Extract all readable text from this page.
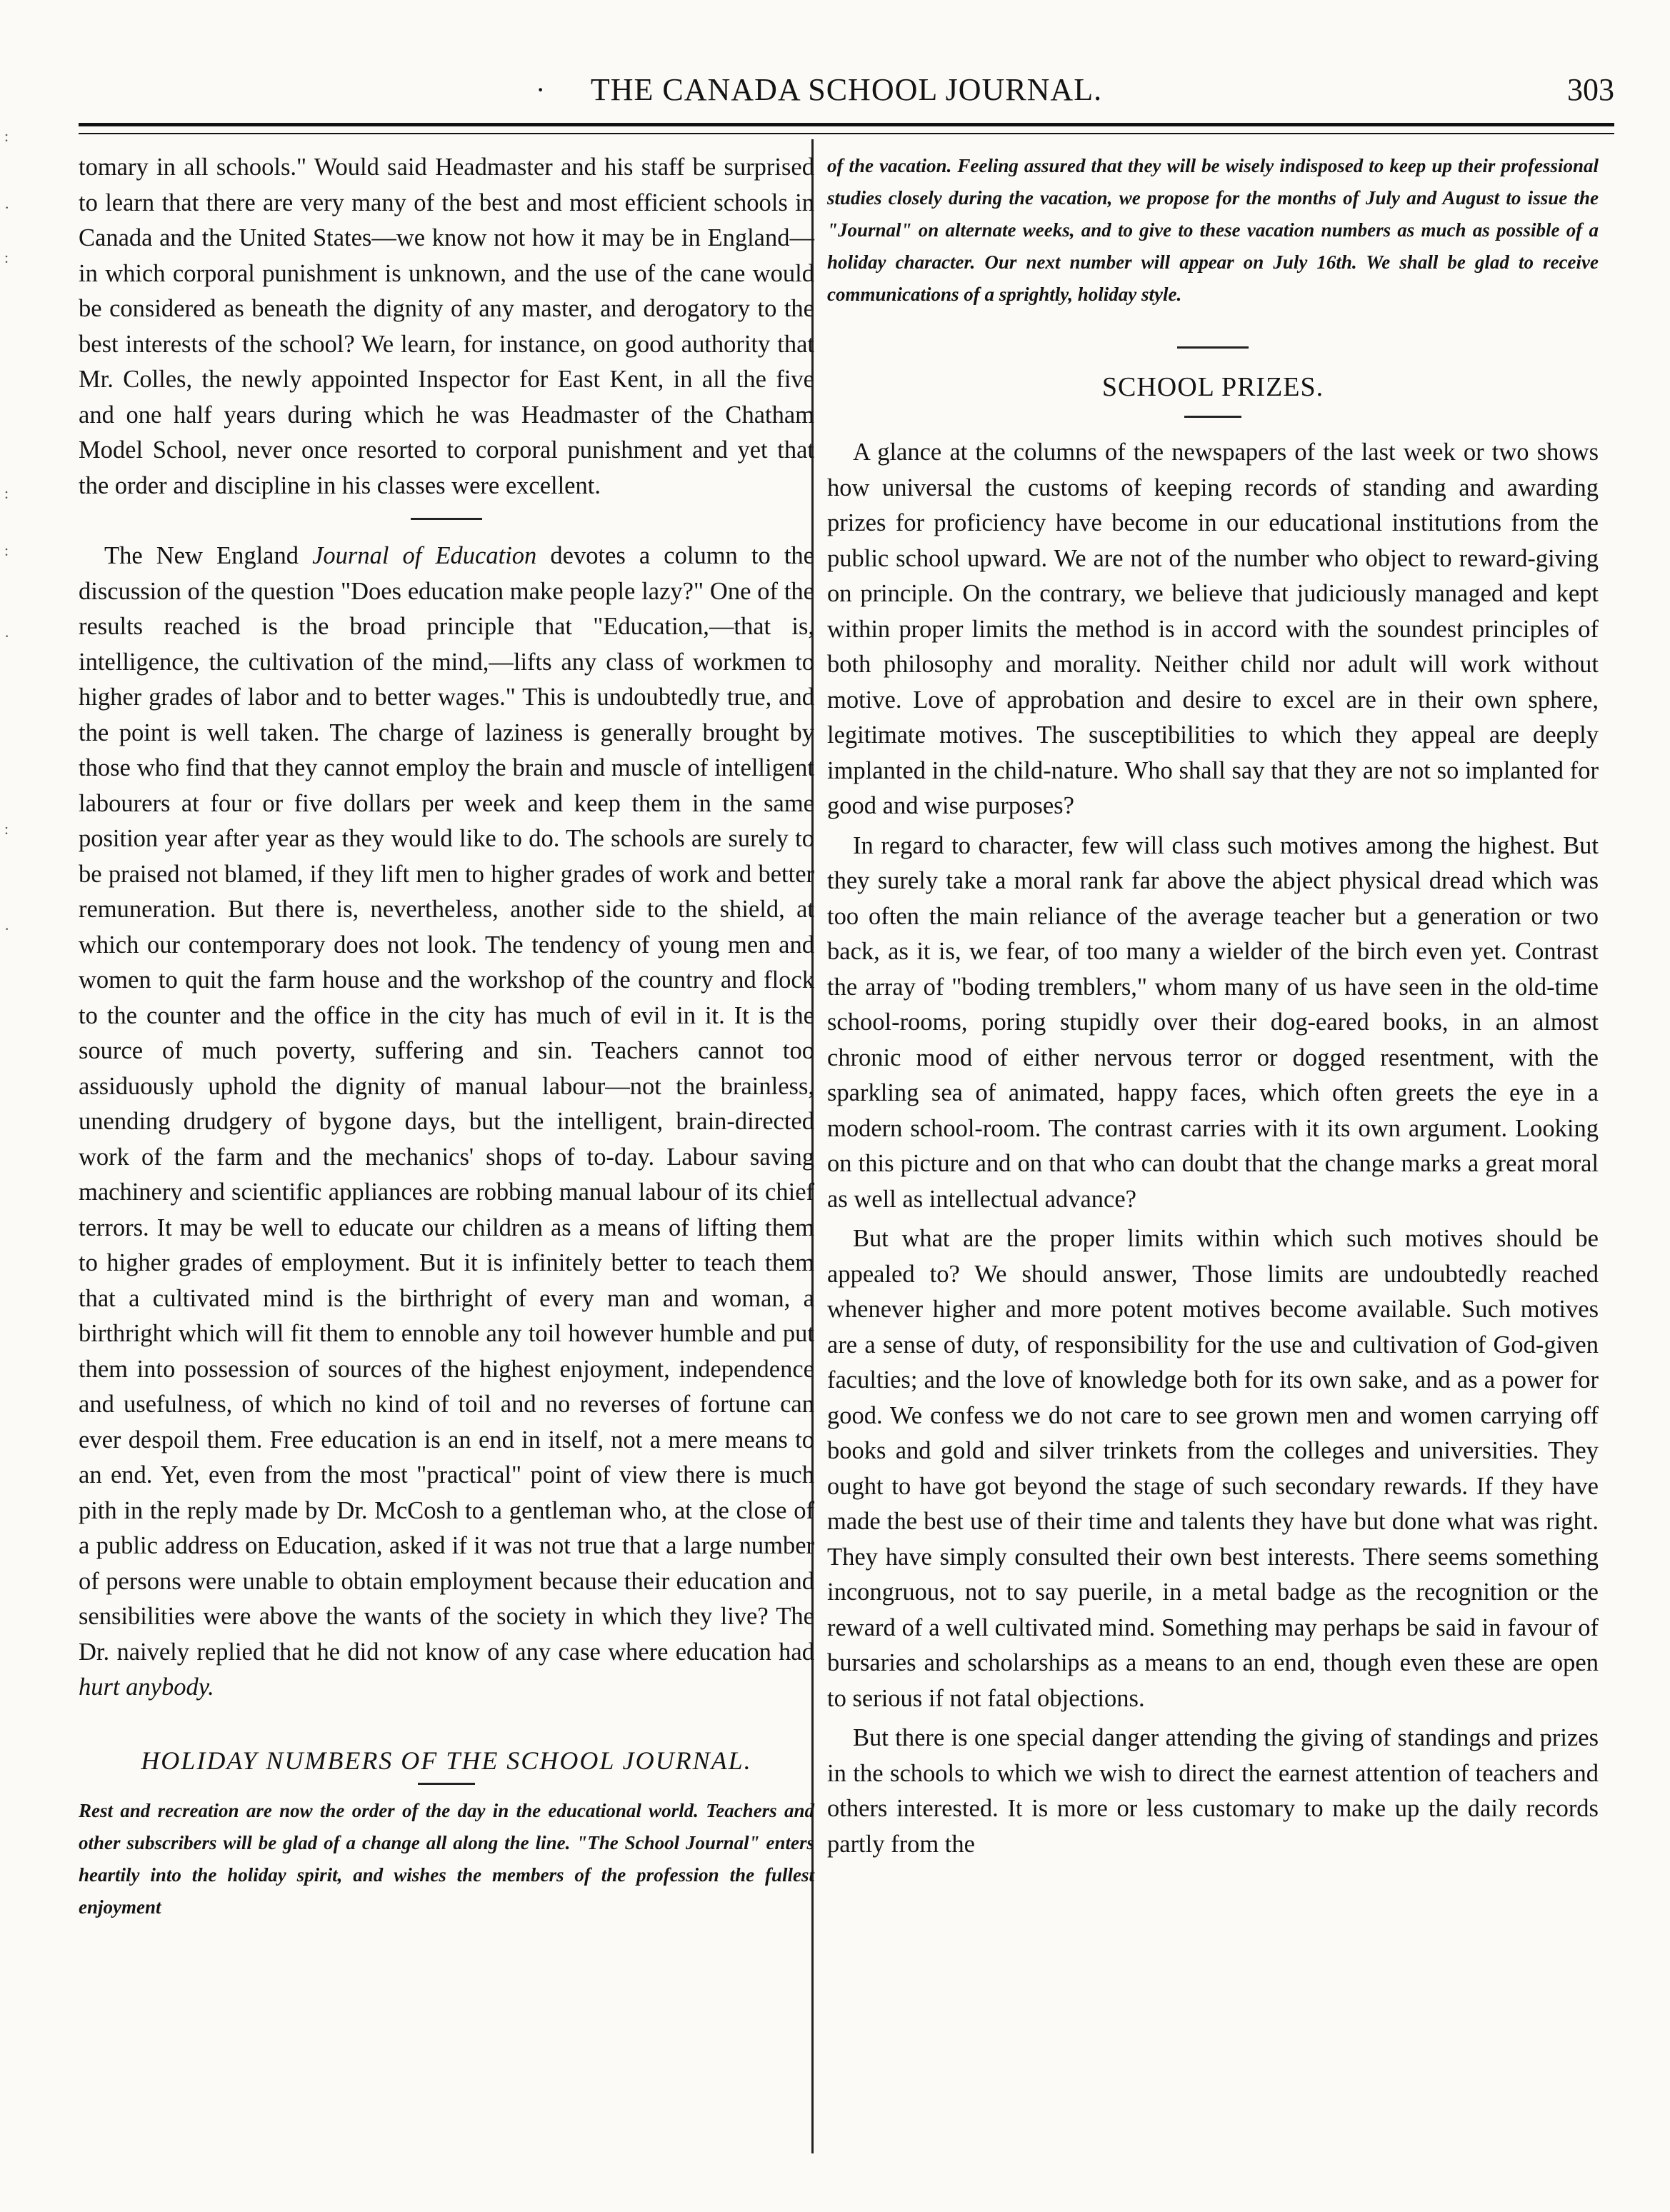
:
·
:
:
:
·
:
·
·	THE CANADA SCHOOL JOURNAL.	303

tomary in all schools." Would said Headmaster and his staff be surprised to learn that there are very many of the best and most efficient schools in Canada and the United States—we know not how it may be in England—in which corporal punishment is unknown, and the use of the cane would be considered as beneath the dignity of any master, and derogatory to the best interests of the school? We learn, for instance, on good authority that Mr. Colles, the newly appointed Inspector for East Kent, in all the five and one half years during which he was Headmaster of the Chatham Model School, never once resorted to corporal punishment and yet that the order and discipline in his classes were excellent.

The New England Journal of Education devotes a column to the discussion of the question "Does education make people lazy?" One of the results reached is the broad principle that "Education,—that is, intelligence, the cultivation of the mind,—lifts any class of workmen to higher grades of labor and to better wages." This is undoubtedly true, and the point is well taken. The charge of laziness is generally brought by those who find that they cannot employ the brain and muscle of intelligent labourers at four or five dollars per week and keep them in the same position year after year as they would like to do. The schools are surely to be praised not blamed, if they lift men to higher grades of work and better remuneration. But there is, nevertheless, another side to the shield, at which our contemporary does not look. The tendency of young men and women to quit the farm house and the workshop of the country and flock to the counter and the office in the city has much of evil in it. It is the source of much poverty, suffering and sin. Teachers cannot too assiduously uphold the dignity of manual labour—not the brainless, unending drudgery of bygone days, but the intelligent, brain-directed work of the farm and the mechanics' shops of to-day. Labour saving machinery and scientific appliances are robbing manual labour of its chief terrors. It may be well to educate our children as a means of lifting them to higher grades of employment. But it is infinitely better to teach them that a cultivated mind is the birthright of every man and woman, a birthright which will fit them to ennoble any toil however humble and put them into possession of sources of the highest enjoyment, independence and usefulness, of which no kind of toil and no reverses of fortune can ever despoil them. Free education is an end in itself, not a mere means to an end. Yet, even from the most "practical" point of view there is much pith in the reply made by Dr. McCosh to a gentleman who, at the close of a public address on Education, asked if it was not true that a large number of persons were unable to obtain employment because their education and sensibilities were above the wants of the society in which they live? The Dr. naively replied that he did not know of any case where education had hurt anybody.

HOLIDAY NUMBERS OF THE SCHOOL JOURNAL.

Rest and recreation are now the order of the day in the educational world. Teachers and other subscribers will be glad of a change all along the line. "The School Journal" enters heartily into the holiday spirit, and wishes the members of the profession the fullest enjoyment

of the vacation. Feeling assured that they will be wisely indisposed to keep up their professional studies closely during the vacation, we propose for the months of July and August to issue the "Journal" on alternate weeks, and to give to these vacation numbers as much as possible of a holiday character. Our next number will appear on July 16th. We shall be glad to receive communications of a sprightly, holiday style.

SCHOOL PRIZES.

A glance at the columns of the newspapers of the last week or two shows how universal the customs of keeping records of standing and awarding prizes for proficiency have become in our educational institutions from the public school upward. We are not of the number who object to reward-giving on principle. On the contrary, we believe that judiciously managed and kept within proper limits the method is in accord with the soundest principles of both philosophy and morality. Neither child nor adult will work without motive. Love of approbation and desire to excel are in their own sphere, legitimate motives. The susceptibilities to which they appeal are deeply implanted in the child-nature. Who shall say that they are not so implanted for good and wise purposes?

In regard to character, few will class such motives among the highest. But they surely take a moral rank far above the abject physical dread which was too often the main reliance of the average teacher but a generation or two back, as it is, we fear, of too many a wielder of the birch even yet. Contrast the array of "boding tremblers," whom many of us have seen in the old-time school-rooms, poring stupidly over their dog-eared books, in an almost chronic mood of either nervous terror or dogged resentment, with the sparkling sea of animated, happy faces, which often greets the eye in a modern school-room. The contrast carries with it its own argument. Looking on this picture and on that who can doubt that the change marks a great moral as well as intellectual advance?

But what are the proper limits within which such motives should be appealed to? We should answer, Those limits are undoubtedly reached whenever higher and more potent motives become available. Such motives are a sense of duty, of responsibility for the use and cultivation of God-given faculties; and the love of knowledge both for its own sake, and as a power for good. We confess we do not care to see grown men and women carrying off books and gold and silver trinkets from the colleges and universities. They ought to have got beyond the stage of such secondary rewards. If they have made the best use of their time and talents they have but done what was right. They have simply consulted their own best interests. There seems something incongruous, not to say puerile, in a metal badge as the recognition or the reward of a well cultivated mind. Something may perhaps be said in favour of bursaries and scholarships as a means to an end, though even these are open to serious if not fatal objections.

But there is one special danger attending the giving of standings and prizes in the schools to which we wish to direct the earnest attention of teachers and others interested. It is more or less customary to make up the daily records partly from the
